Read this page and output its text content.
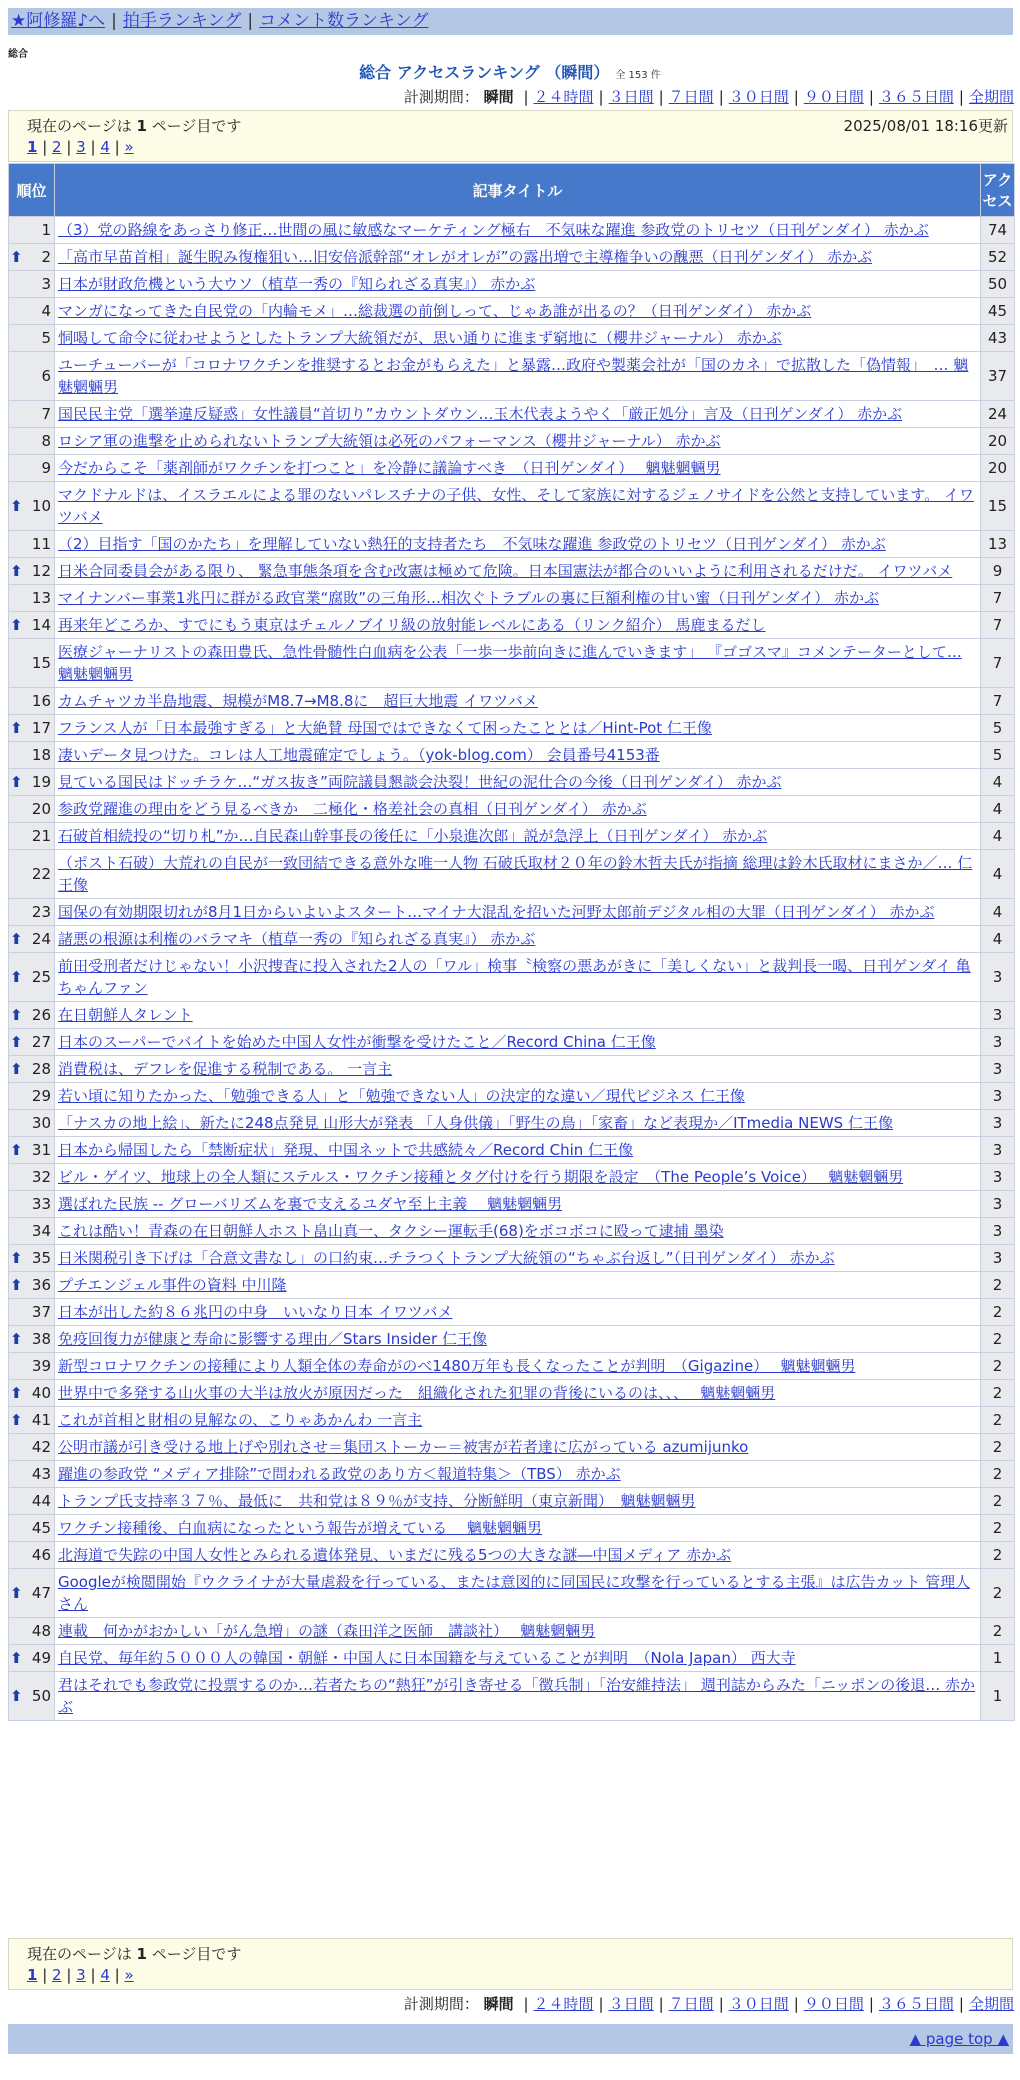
★阿修羅♪へ | 拍手ランキング | コメント数ランキング
総合
総合 アクセスランキング （瞬間） 全 153 件
計測期間： 瞬間 | ２４時間 | ３日間 | ７日間 | ３０日間 | ９０日間 | ３６５日間 | 全期間
現在のページは 1 ページ目です
1 | 2 | 3 | 4 | »
2025/08/01 18:16更新
順位	記事タイトル	アクセス
1	（3）党の路線をあっさり修正…世間の風に敏感なマーケティング極右　不気味な躍進 参政党のトリセツ（日刊ゲンダイ） 赤かぶ	74

⬆ 2	「高市早苗首相」誕生睨み復権狙い…旧安倍派幹部“オレがオレが”の露出増で主導権争いの醜悪（日刊ゲンダイ） 赤かぶ	52
3	日本が財政危機という大ウソ（植草一秀の『知られざる真実』） 赤かぶ	50
4	マンガになってきた自民党の「内輪モメ」…総裁選の前倒しって、じゃあ誰が出るの？（日刊ゲンダイ） 赤かぶ	45
5	恫喝して命令に従わせようとしたトランプ大統領だが、思い通りに進まず窮地に（櫻井ジャーナル） 赤かぶ	43
6	ユーチューバーが「コロナワクチンを推奨するとお金がもらえた」と暴露…政府や製薬会社が「国のカネ」で拡散した「偽情報」　… 魑魅魍魎男	37
7	国民民主党「選挙違反疑惑」女性議員“首切り”カウントダウン…玉木代表ようやく「厳正処分」言及（日刊ゲンダイ） 赤かぶ	24
8	ロシア軍の進撃を止められないトランプ大統領は必死のパフォーマンス（櫻井ジャーナル） 赤かぶ	20
9	今だからこそ「薬剤師がワクチンを打つこと」を冷静に議論すべき　（日刊ゲンダイ）　 魑魅魍魎男	20

⬆ 10	マクドナルドは、イスラエルによる罪のないパレスチナの子供、女性、そして家族に対するジェノサイドを公然と支持しています。 イワツバメ	15
11	（2）目指す「国のかたち」を理解していない熱狂的支持者たち　不気味な躍進 参政党のトリセツ（日刊ゲンダイ） 赤かぶ	13

⬆ 12	日米合同委員会がある限り、 緊急事態条項を含む改憲は極めて危険。日本国憲法が都合のいいように利用されるだけだ。 イワツバメ	9
13	マイナンバー事業1兆円に群がる政官業“腐敗”の三角形…相次ぐトラブルの裏に巨額利権の甘い蜜（日刊ゲンダイ） 赤かぶ	7

⬆ 14	再来年どころか、すでにもう東京はチェルノブイリ級の放射能レベルにある（リンク紹介） 馬鹿まるだし	7
15	医療ジャーナリストの森田豊氏、急性骨髄性白血病を公表「一歩一歩前向きに進んでいきます」 『ゴゴスマ』コメンテーターとして… 魑魅魍魎男	7
16	カムチャツカ半島地震、規模がM8.7→M8.8に　超巨大地震 イワツバメ	7

⬆ 17	フランス人が「日本最強すぎる」と大絶賛 母国ではできなくて困ったこととは／Hint-Pot 仁王像	5
18	凄いデータ見つけた。コレは人工地震確定でしょう。（yok-blog.com） 会員番号4153番	5

⬆ 19	見ている国民はドッチラケ…“ガス抜き”両院議員懇談会決裂！世紀の泥仕合の今後（日刊ゲンダイ） 赤かぶ	4
20	参政党躍進の理由をどう見るべきか　二極化・格差社会の真相（日刊ゲンダイ） 赤かぶ	4
21	石破首相続投の“切り札”か…自民森山幹事長の後任に「小泉進次郎」説が急浮上（日刊ゲンダイ） 赤かぶ	4
22	（ポスト石破）大荒れの自民が一致団結できる意外な唯一人物 石破氏取材２０年の鈴木哲夫氏が指摘 総理は鈴木氏取材にまさか／… 仁王像	4
23	国保の有効期限切れが8月1日からいよいよスタート…マイナ大混乱を招いた河野太郎前デジタル相の大罪（日刊ゲンダイ） 赤かぶ	4

⬆ 24	諸悪の根源は利権のバラマキ（植草一秀の『知られざる真実』） 赤かぶ	4

⬆ 25	前田受刑者だけじゃない！小沢捜査に投入された2人の「ワル」検事〝検察の悪あがきに「美しくない」と裁判長一喝、日刊ゲンダイ 亀ちゃんファン	3

⬆ 26	在日朝鮮人タレント	3

⬆ 27	日本のスーパーでバイトを始めた中国人女性が衝撃を受けたこと／Record China 仁王像	3

⬆ 28	消費税は、デフレを促進する税制である。 一言主	3
29	若い頃に知りたかった、「勉強できる人」と「勉強できない人」の決定的な違い／現代ビジネス 仁王像	3
30	「ナスカの地上絵」、新たに248点発見 山形大が発表 「人身供儀」「野生の鳥」「家畜」など表現か／ITmedia NEWS 仁王像	3

⬆ 31	日本から帰国したら「禁断症状」発現、中国ネットで共感続々／Record Chin 仁王像	3
32	ビル・ゲイツ、地球上の全人類にステルス・ワクチン接種とタグ付けを行う期限を設定　（The People’s Voice）　 魑魅魍魎男	3
33	選ばれた民族 -- グローバリズムを裏で支えるユダヤ至上主義　 魑魅魍魎男	3
34	これは酷い！青森の在日朝鮮人ホスト畠山真一、タクシー運転手(68)をボコボコに殴って逮捕 墨染	3

⬆ 35	日米関税引き下げは「合意文書なし」の口約束…チラつくトランプ大統領の“ちゃぶ台返し”（日刊ゲンダイ） 赤かぶ	3

⬆ 36	プチエンジェル事件の資料 中川隆	2
37	日本が出した約８６兆円の中身　いいなり日本 イワツバメ	2

⬆ 38	免疫回復力が健康と寿命に影響する理由／Stars Insider 仁王像	2
39	新型コロナワクチンの接種により人類全体の寿命がのべ1480万年も長くなったことが判明　（Gigazine）　 魑魅魍魎男	2

⬆ 40	世界中で多発する山火事の大半は放火が原因だった　組織化された犯罪の背後にいるのは、、、　 魑魅魍魎男	2

⬆ 41	これが首相と財相の見解なの、こりゃあかんわ 一言主	2
42	公明市議が引き受ける地上げや別れさせ＝集団ストーカー＝被害が若者達に広がっている azumijunko	2
43	躍進の参政党 “メディア排除”で問われる政党のあり方＜報道特集＞（TBS） 赤かぶ	2
44	トランプ氏支持率３７％、最低に　共和党は８９％が支持、分断鮮明（東京新聞）　魑魅魍魎男	2
45	ワクチン接種後、白血病になったという報告が増えている　 魑魅魍魎男	2
46	北海道で失踪の中国人女性とみられる遺体発見、いまだに残る5つの大きな謎―中国メディア 赤かぶ	2

⬆ 47	Googleが検閲開始『ウクライナが大量虐殺を行っている、または意図的に同国民に攻撃を行っているとする主張』は広告カット 管理人さん	2
48	連載　何かがおかしい「がん急増」の謎（森田洋之医師　講談社）　 魑魅魍魎男	2

⬆ 49	自民党、毎年約５０００人の韓国・朝鮮・中国人に日本国籍を与えていることが判明　（Nola Japan） 西大寺	1

⬆ 50	君はそれでも参政党に投票するのか…若者たちの“熱狂”が引き寄せる「徴兵制」「治安維持法」 週刊誌からみた「ニッポンの後退… 赤かぶ	1
現在のページは 1 ページ目です
1 | 2 | 3 | 4 | »
計測期間： 瞬間 | ２４時間 | ３日間 | ７日間 | ３０日間 | ９０日間 | ３６５日間 | 全期間
▲ page top ▲
